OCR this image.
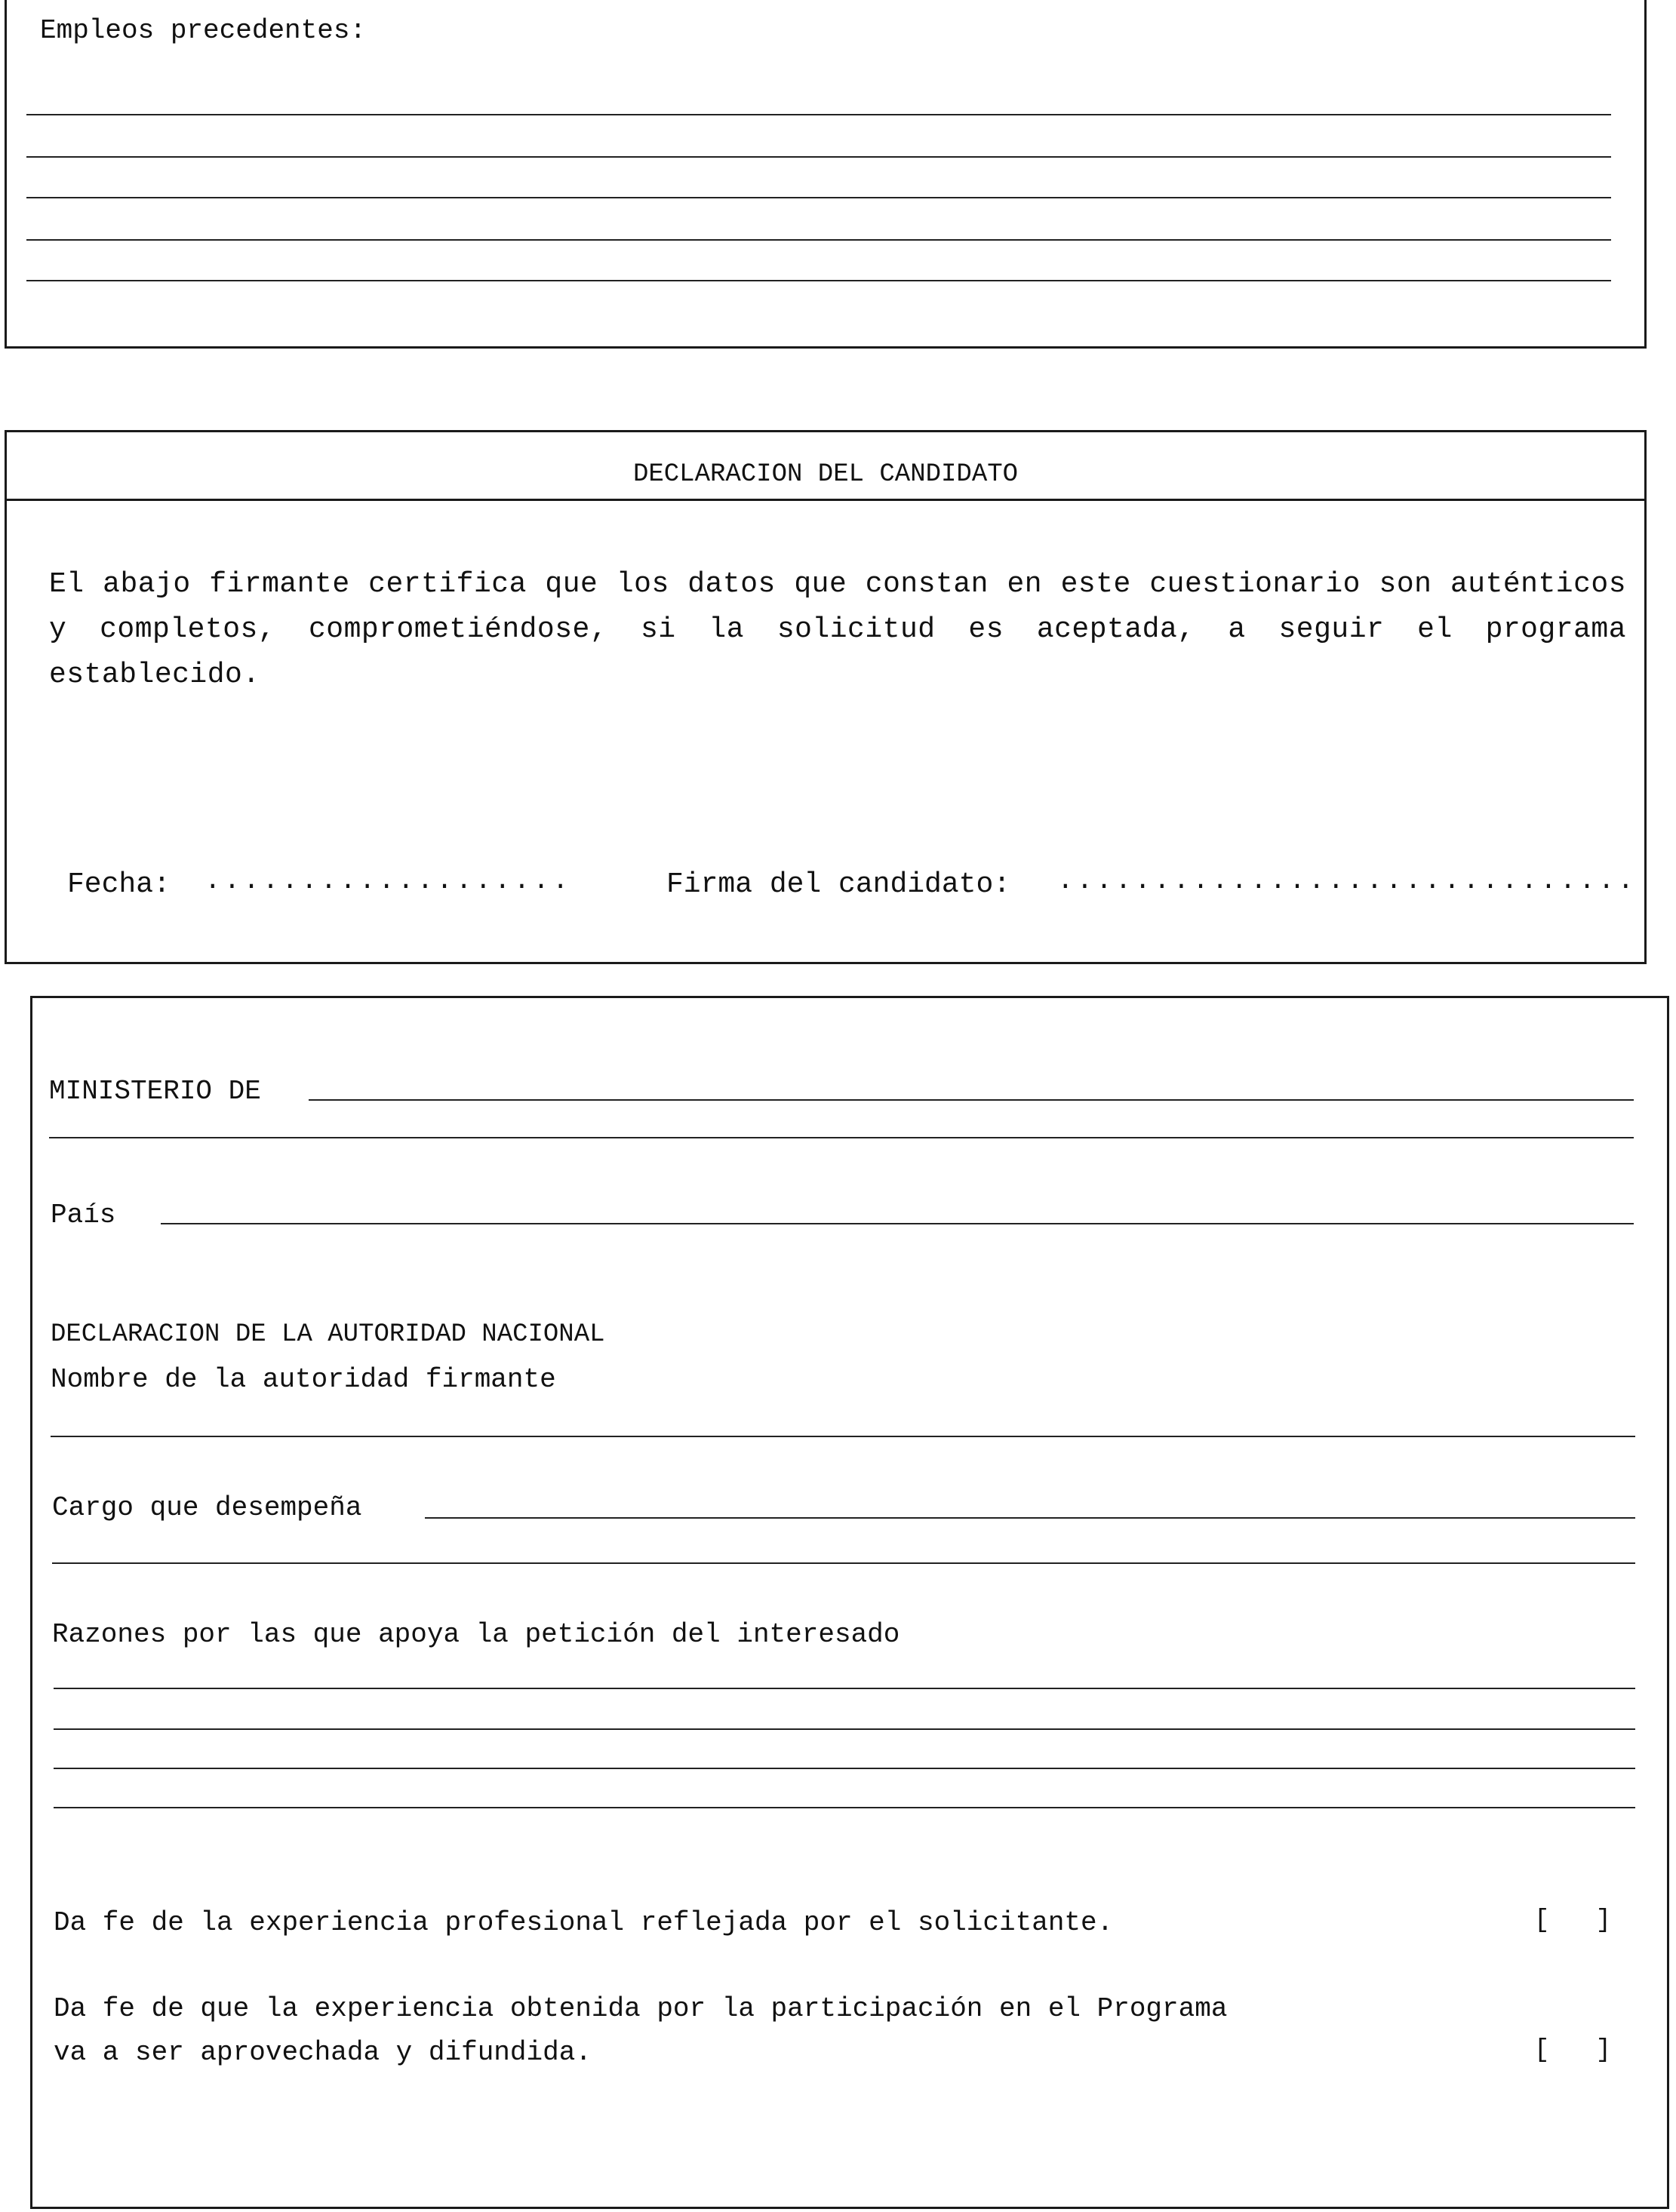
Empleos precedentes:
DECLARACION DEL CANDIDATO
El abajo firmante certifica que los datos que constan en este cuestionario son auténticos y completos, comprometiéndose, si la solicitud es aceptada, a seguir el programa establecido.
Fecha: ...................	Firma del candidato: ..............................
MINISTERIO DE
País
DECLARACION DE LA AUTORIDAD NACIONAL
Nombre de la autoridad firmante
Cargo que desempeña
Razones por las que apoya la petición del interesado
Da fe de la experiencia profesional reflejada por el solicitante.	[   ]
Da fe de que la experiencia obtenida por la participación en el Programa
va a ser aprovechada y difundida.	[   ]
